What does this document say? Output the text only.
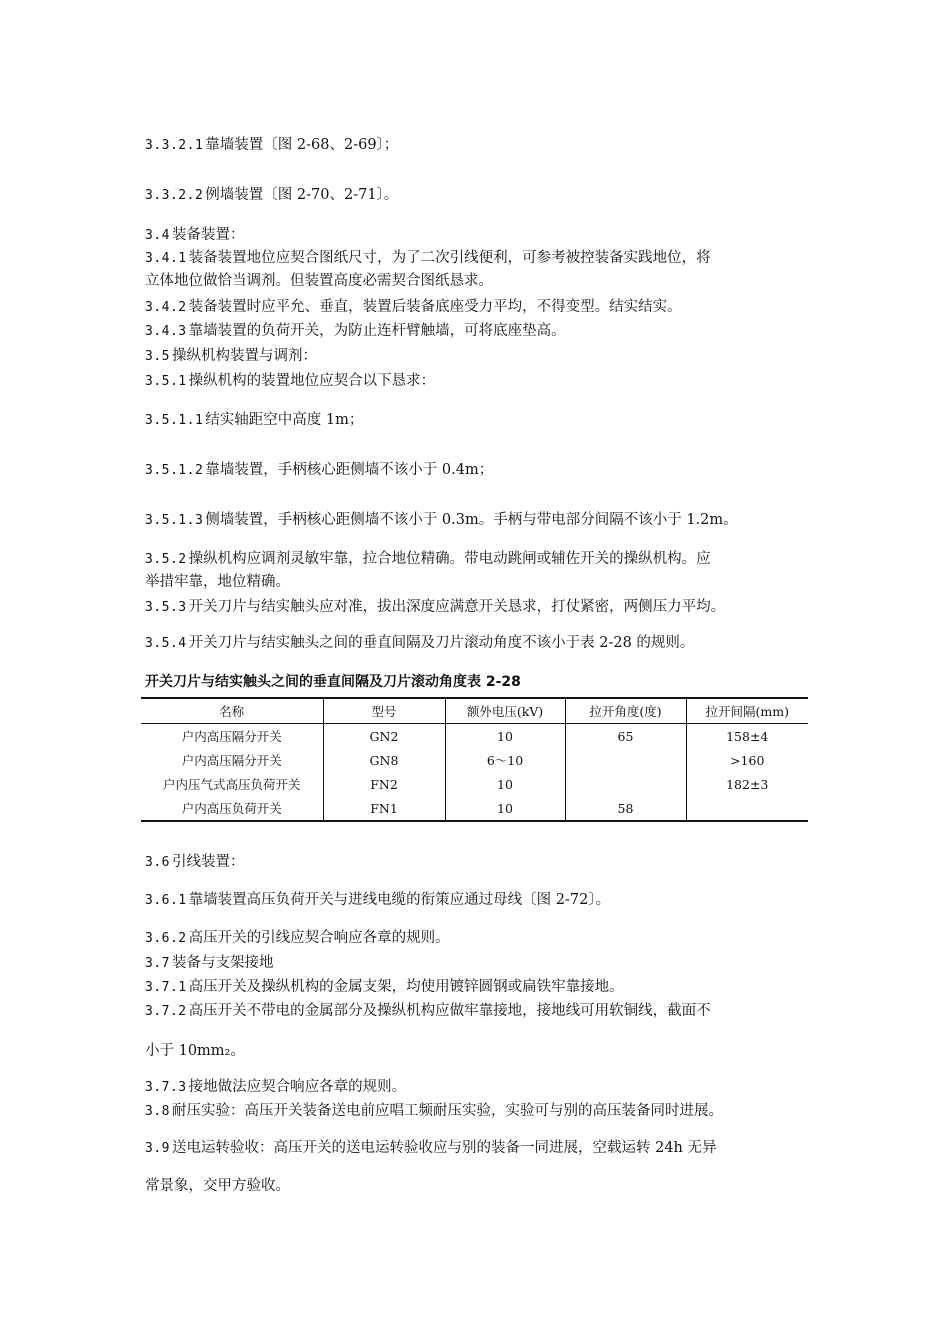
3.3.2.1 靠墙装置〔图 2-68、2-69〕；
3.3.2.2 例墙装置〔图 2-70、2-71〕。
3.4 装备装置：
3.4.1 装备装置地位应契合图纸尺寸，为了二次引线便利，可参考被控装备实践地位，将
立体地位做恰当调剂。但装置高度必需契合图纸恳求。
3.4.2 装备装置时应平允、垂直，装置后装备底座受力平均，不得变型。结实结实。
3.4.3 靠墙装置的负荷开关，为防止连杆臂触墙，可将底座垫高。
3.5 操纵机构装置与调剂：
3.5.1 操纵机构的装置地位应契合以下恳求：
3.5.1.1 结实轴距空中高度 1m；
3.5.1.2 靠墙装置，手柄核心距侧墙不该小于 0.4m；
3.5.1.3 侧墙装置，手柄核心距侧墙不该小于 0.3m。手柄与带电部分间隔不该小于 1.2m。
3.5.2 操纵机构应调剂灵敏牢靠，拉合地位精确。带电动跳闸或辅佐开关的操纵机构。应
举措牢靠，地位精确。
3.5.3 开关刀片与结实触头应对准，拔出深度应满意开关恳求，打仗紧密，两侧压力平均。
3.5.4 开关刀片与结实触头之间的垂直间隔及刀片滚动角度不该小于表 2-28 的规则。
开关刀片与结实触头之间的垂直间隔及刀片滚动角度表 2-28
名称	型号	额外电压(kV)	拉开角度(度)	拉开间隔(mm)
户内高压隔分开关	GN2	10	65	158±4
户内高压隔分开关	GN8	6～10		>160
户内压气式高压负荷开关	FN2	10		182±3
户内高压负荷开关	FN1	10	58	
3.6 引线装置：
3.6.1 靠墙装置高压负荷开关与进线电缆的衔策应通过母线〔图 2-72〕。
3.6.2 高压开关的引线应契合响应各章的规则。
3.7 装备与支架接地
3.7.1 高压开关及操纵机构的金属支架，均使用镀锌圆钢或扁铁牢靠接地。
3.7.2 高压开关不带电的金属部分及操纵机构应做牢靠接地，接地线可用软铜线，截面不
小于 10mm₂。
3.7.3 接地做法应契合响应各章的规则。
3.8 耐压实验：高压开关装备送电前应唱工频耐压实验，实验可与别的高压装备同时进展。
3.9 送电运转验收：高压开关的送电运转验收应与别的装备一同进展，空载运转 24h 无异
常景象，交甲方验收。
